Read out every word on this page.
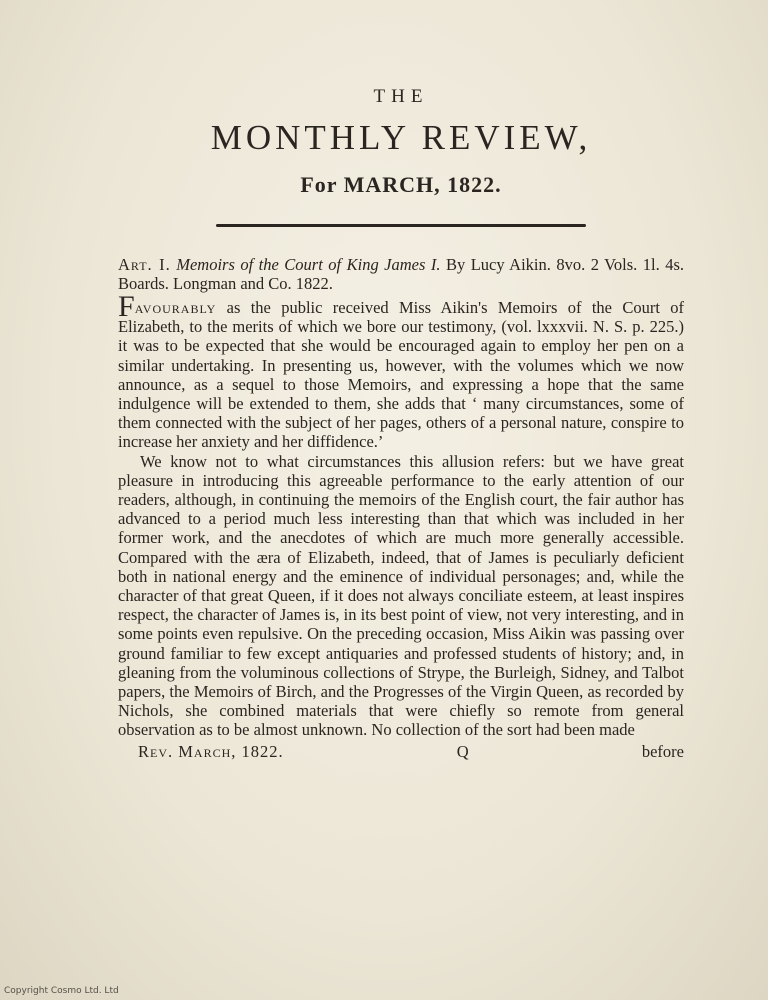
THE
MONTHLY REVIEW,
For MARCH, 1822.
Art. I. Memoirs of the Court of King James I. By Lucy Aikin. 8vo. 2 Vols. 1l. 4s. Boards. Longman and Co. 1822.

Favourably as the public received Miss Aikin's Memoirs of the Court of Elizabeth, to the merits of which we bore our testimony, (vol. lxxxvii. N. S. p. 225.) it was to be expected that she would be encouraged again to employ her pen on a similar undertaking. In presenting us, however, with the volumes which we now announce, as a sequel to those Memoirs, and expressing a hope that the same indulgence will be extended to them, she adds that ‘ many circumstances, some of them connected with the subject of her pages, others of a personal nature, conspire to increase her anxiety and her diffidence.’

We know not to what circumstances this allusion refers: but we have great pleasure in introducing this agreeable performance to the early attention of our readers, although, in continuing the memoirs of the English court, the fair author has advanced to a period much less interesting than that which was included in her former work, and the anecdotes of which are much more generally accessible. Compared with the æra of Elizabeth, indeed, that of James is peculiarly deficient both in national energy and the eminence of individual personages; and, while the character of that great Queen, if it does not always conciliate esteem, at least inspires respect, the character of James is, in its best point of view, not very interesting, and in some points even repulsive. On the preceding occasion, Miss Aikin was passing over ground familiar to few except antiquaries and professed students of history; and, in gleaning from the voluminous collections of Strype, the Burleigh, Sidney, and Talbot papers, the Memoirs of Birch, and the Progresses of the Virgin Queen, as recorded by Nichols, she combined materials that were chiefly so remote from general observation as to be almost unknown. No collection of the sort had been made

Rev. March, 1822.	Q	before
Copyright Cosmo Ltd. Ltd
